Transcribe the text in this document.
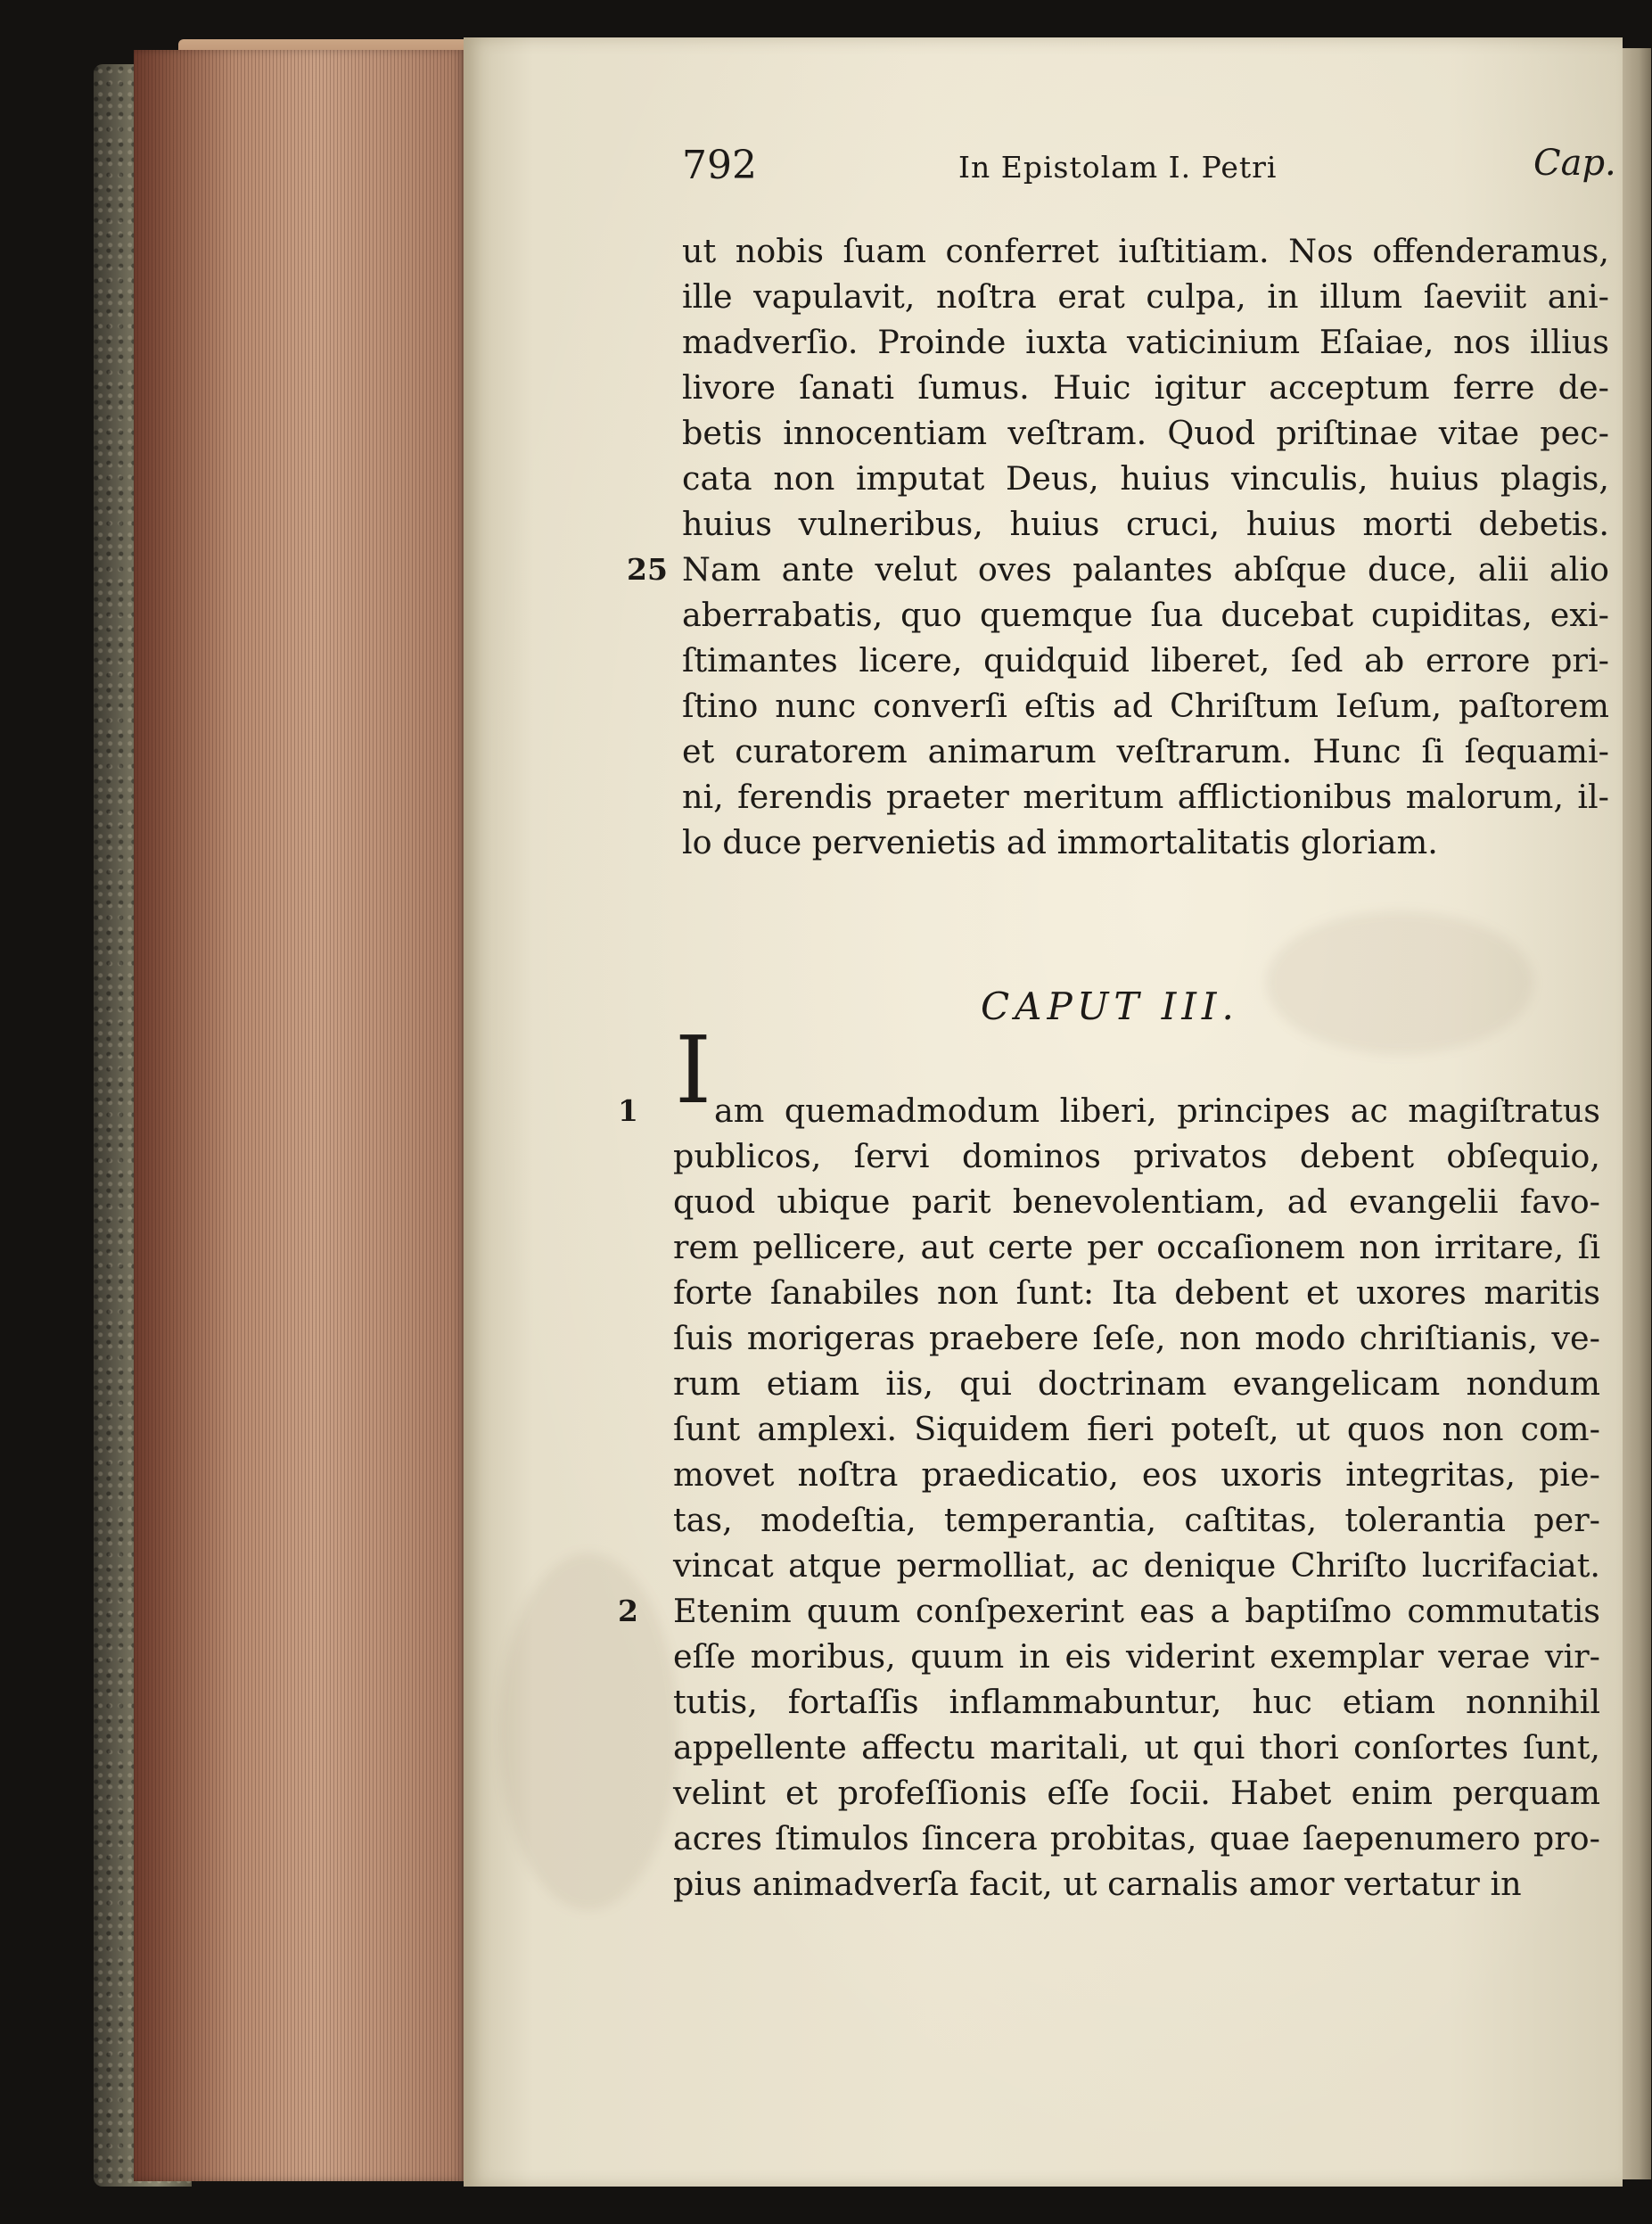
792	In Epistolam I. Petri	Cap.
ut nobis ſuam conferret iuſtitiam. Nos offenderamus,
ille vapulavit, noſtra erat culpa, in illum ſaeviit ani-
madverſio. Proinde iuxta vaticinium Eſaiae, nos illius
livore ſanati ſumus. Huic igitur acceptum ferre de-
betis innocentiam veſtram. Quod priſtinae vitae pec-
cata non imputat Deus, huius vinculis, huius plagis,
huius vulneribus, huius cruci, huius morti debetis.
25 Nam ante velut oves palantes abſque duce, alii alio
aberrabatis, quo quemque ſua ducebat cupiditas, exi-
ſtimantes licere, quidquid liberet, ſed ab errore pri-
ſtino nunc converſi eſtis ad Chriſtum Ieſum, paſtorem
et curatorem animarum veſtrarum. Hunc ſi ſequami-
ni, ferendis praeter meritum afflictionibus malorum, il-
lo duce pervenietis ad immortalitatis gloriam.
CAPUT III.
I
1 am quemadmodum liberi, principes ac magiſtratus
publicos, ſervi dominos privatos debent obſequio,
quod ubique parit benevolentiam, ad evangelii favo-
rem pellicere, aut certe per occaſionem non irritare, ſi
forte ſanabiles non ſunt: Ita debent et uxores maritis
ſuis morigeras praebere ſeſe, non modo chriſtianis, ve-
rum etiam iis, qui doctrinam evangelicam nondum
ſunt amplexi. Siquidem fieri poteſt, ut quos non com-
movet noſtra praedicatio, eos uxoris integritas, pie-
tas, modeſtia, temperantia, caſtitas, tolerantia per-
vincat atque permolliat, ac denique Chriſto lucrifaciat.
2 Etenim quum conſpexerint eas a baptiſmo commutatis
eſſe moribus, quum in eis viderint exemplar verae vir-
tutis, fortaſſis inflammabuntur, huc etiam nonnihil
appellente affectu maritali, ut qui thori conſortes ſunt,
velint et profeſſionis eſſe ſocii. Habet enim perquam
acres ſtimulos ſincera probitas, quae ſaepenumero pro-
pius animadverſa facit, ut carnalis amor vertatur in
